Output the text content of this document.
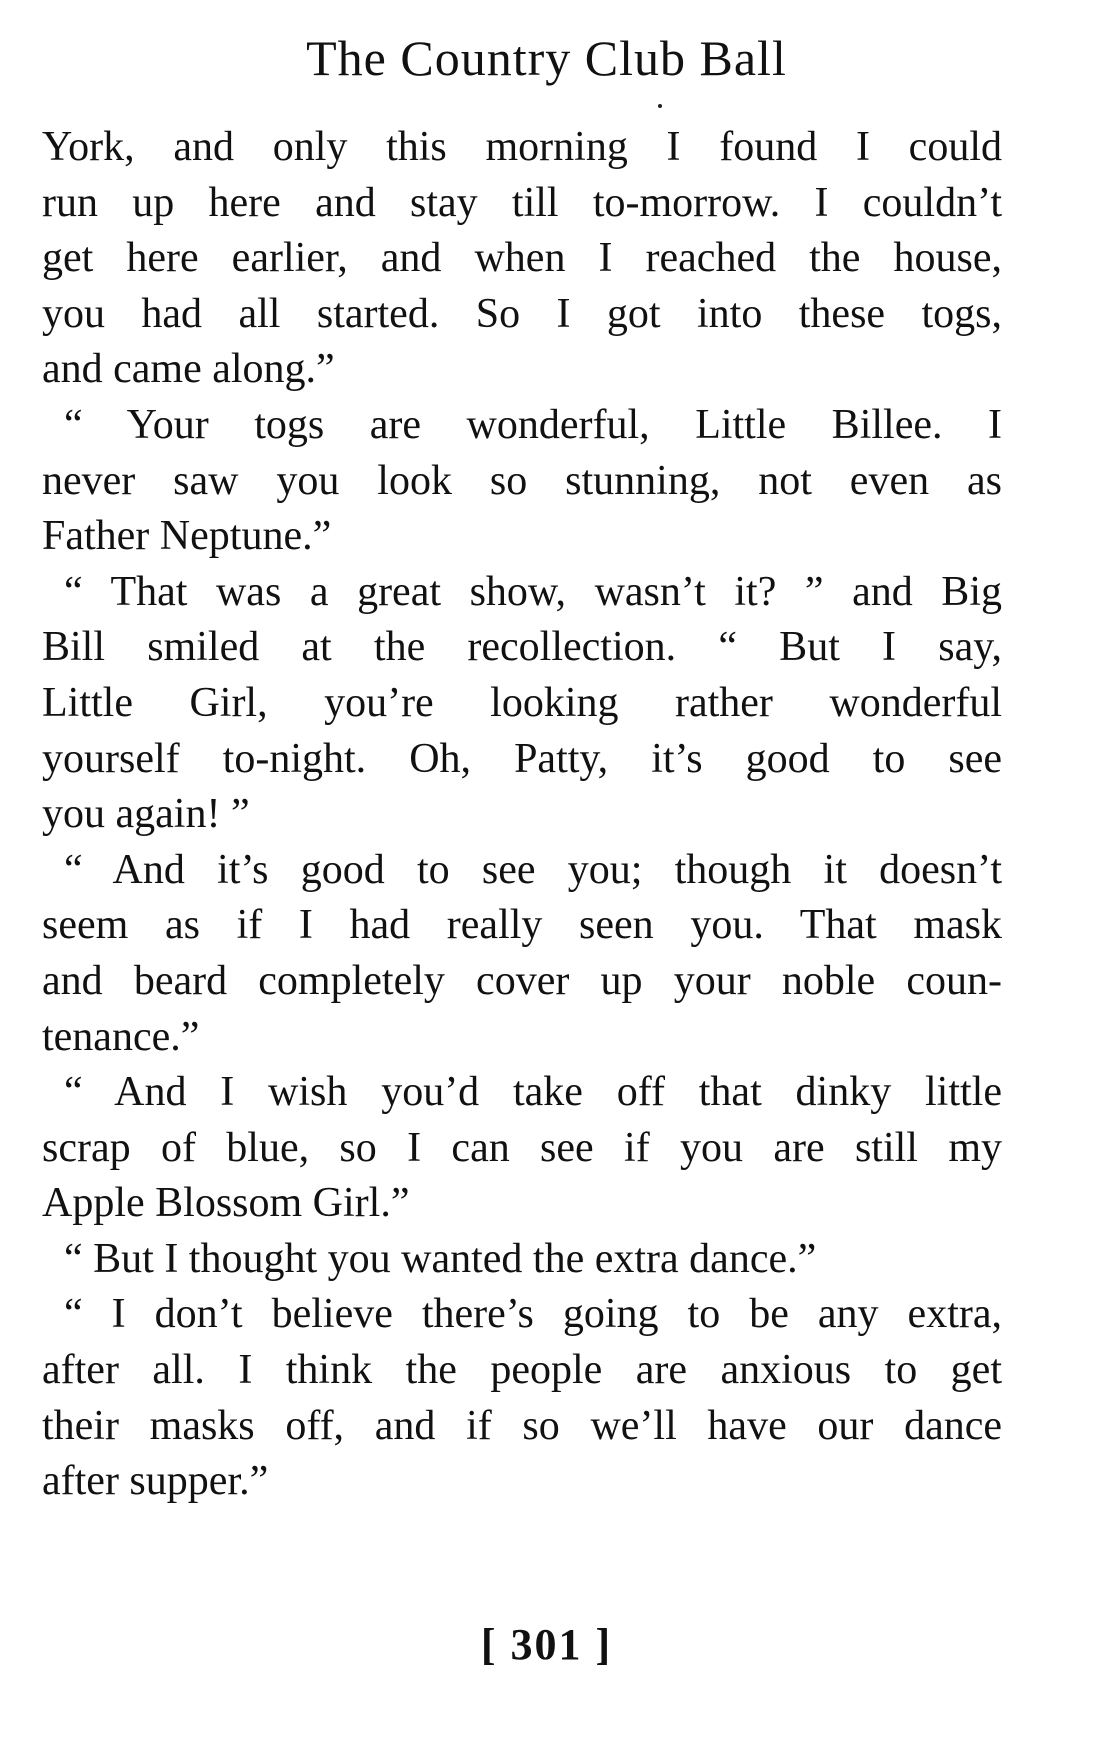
The Country Club Ball
York, and only this morning I found I could
run up here and stay till to-morrow. I couldn’t
get here earlier, and when I reached the house,
you had all started. So I got into these togs,
and came along.”
“ Your togs are wonderful, Little Billee. I
never saw you look so stunning, not even as
Father Neptune.”
“ That was a great show, wasn’t it? ” and Big
Bill smiled at the recollection. “ But I say,
Little Girl, you’re looking rather wonderful
yourself to-night. Oh, Patty, it’s good to see
you again! ”
“ And it’s good to see you; though it doesn’t
seem as if I had really seen you. That mask
and beard completely cover up your noble coun-
tenance.”
“ And I wish you’d take off that dinky little
scrap of blue, so I can see if you are still my
Apple Blossom Girl.”
“ But I thought you wanted the extra dance.”
“ I don’t believe there’s going to be any extra,
after all. I think the people are anxious to get
their masks off, and if so we’ll have our dance
after supper.”
[ 301 ]
